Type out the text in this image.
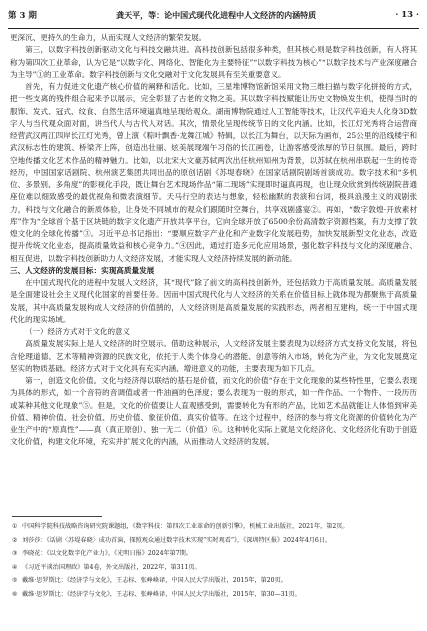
第 3 期	龚天平，等：论中国式现代化进程中人文经济的内涵特质	· 13 ·

更深沉、更持久的生命力，从而实现人文经济的繁荣发展。

第三，以数字科技创新驱动文化与科技交融共进。高科技创新包括很多种类，但其核心则是数字科技创新，有人将其称为第四次工业革命，认为它是“以数字化、网络化、智能化为主要特征”“以数字科技为核心”“以数字技术与产业深度融合为主导”①的工业革命。数字科技创新与文化交融对于文化发展具有至关重要意义。

首先，有力促进文化遗产核心价值的阐释和活化。比如，三星堆博物馆新馆采用文物三维扫描与数字化拼接的方式，把一些支离的残件组合起来予以展示，完全彰显了古老的文物之美。其以数字科技赋能让历史文物焕发生机，使得当时的服饰、发式、冠式、纹食、自然生活环境逼真地呈现给观众。湖南博物院通过人工智能等技术，让汉代辛追夫人化身3D数字人与当代观众面对面，讲当代人与古代人对话。其次，情景化呈现传统节日的文化内涵。比如，长江灯光秀将合运营商经营武汉两江四岸长江灯光秀，曾上演《粽叶飘香·龙舞江城》特辑，以长江为舞台，以天际为画布，25公里的沿线楼宇和武汉标志性的建筑、桥梁齐上阵，创造出壮丽、炫美展现端午习俗的长江画卷，让游客感受浓厚的节日氛围。最后，跨时空地传播文化艺术作品的精神魅力。比如，以北宋大文豪苏轼两次出任杭州知州为背景，以苏轼在杭州串联起一生的传奇经历，中国国家话剧院、杭州演艺集团共同出品的原创话剧《苏堤春晓》在国家话剧院剧场首演成功。数字技术和“多机位、多景别、多角度”的影视化手段，既让舞台艺术现场作品“第二现场”实现即时逼真再现，也让现众欣赏到传统剧院普通座位难以细致感受的最优视角和微表演细节。天马行空的表达与想象，轻松幽默的表演和台词，极具浪漫主义的戏剧张力，科技与文化融合的新质体验，让身处不同城市的观众们跟随时空舞台，共享戏剧盛宴②。再如，“数字敦煌·开放素材库”作为“全球首个基于区块链的数字文化遗产开放共享平台，它向全球开放了6500余份高清数字资源档案，有力支撑了敦煌文化的全球化传播”③。习近平总书记指出：“要顺应数字产业化和产业数字化发展趋势，加快发展新型文化业态，改造提升传统文化业态，提高质量效益和核心竞争力。”④因此，通过打造多元化应用场景，强化数字科技与文化的深度融合、相互促进，以数字科技创新助力人文经济发展，才能实现人文经济持续发展的新动能。

三、人文经济的发展目标：实现高质量发展

在中国式现代化的进程中发展人文经济，其“现代”除了前文的高科技创新外，还包括致力于高质量发展。高质量发展是全面建设社会主义现代化国家的首要任务。因而中国式现代化与人文经济的关系在价值目标上就体现为都聚焦于高质量发展，其中高质量发展构成人文经济的价值鹄的，人文经济则是高质量发展的实践形态，两者相互建构，统一于中国式现代化的现实场域。

（一）经济方式对于文化的意义

高质量发展实际上是人文经济的时空展示。借助这种展示，人文经济发展主要表现为以经济方式支持文化发展，将包含伦理道德、艺术等精神资源的民族文化，依托于人类个体身心的潜能、创意等纳入市场，转化为产业，为文化发展奠定坚实的物质基础。经济方式对于文化具有充实内涵、增进意义的功能，主要表现为如下几点。

第一，创造文化价值。文化与经济得以联结的基石是价值，而文化的价值“存在于文化现象的某些特性里，它要么表现为具体的形式，如一个音符的音调值或者一件油画的色泽度；要么表现为一般的形式，如一件作品、一个物件、一段历历或某种其他文化现象”⑤。但是，文化的价值要让人直观感受到，需要转化为有形的产品，比如艺术品就能让人体悟到审美价值、精神价值、社会价值、历史价值、象征价值、真实价值等。在这个过程中，经济的参与将文化资源的价值转化为产业生产中的“原真性”——真（真正原创）、独一无二（价值）⑥。这种转化实际上就是文化经济化、文化经济化有助于创造文化价值，构建文化环境，充实并扩展文化的内涵，从而推动人文经济的发展。

① 中国科学院科技战略咨询研究院课题组，《数字科技：第四次工业革命的创新引擎》，机械工业出版社，2021年，第2页。
② 刘莎莎：《话剧〈苏堤春晓〉成功首演，探照观众通过数字技术实现“实时观看”》，《深圳特区报》2024年4月6日。
③ 李晓花：《以文化数字化产业力》，《光明日报》2024年第7期。
④ 《习近平谈治国理政》第4卷，外文出版社，2022年，第311页。
⑤ 戴维·思罗斯比：《经济学与文化》，王志标、张峥峰译，中国人民大学出版社，2015年，第20页。
⑥ 戴维·思罗斯比：《经济学与文化》，王志标、张峥峰译，中国人民大学出版社，2015年，第30—31页。
